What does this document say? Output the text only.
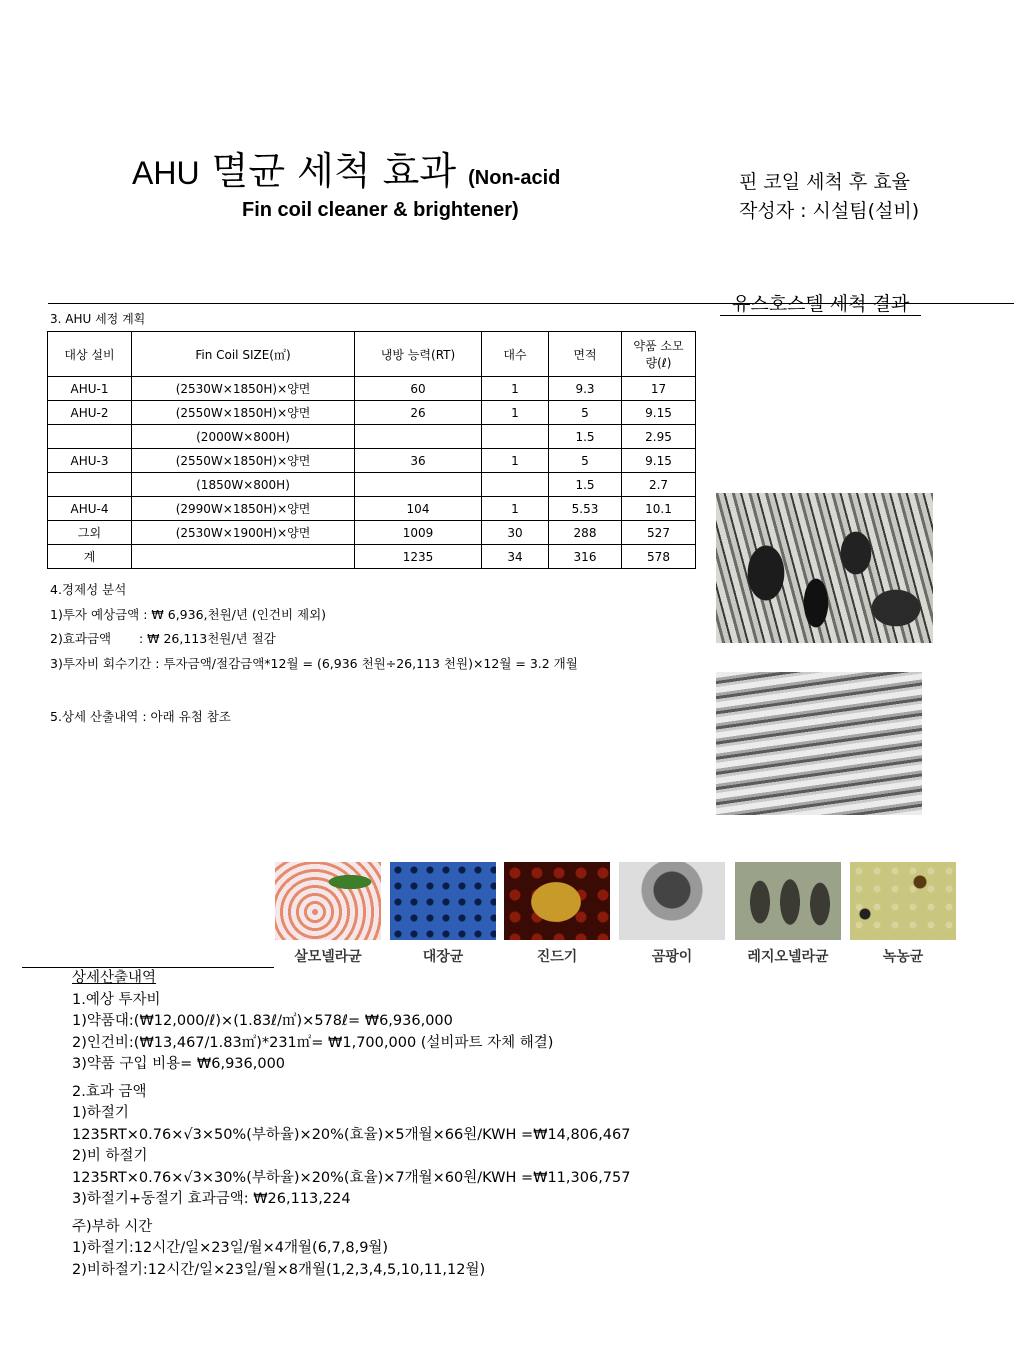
AHU 멸균 세척 효과 (Non-acid
Fin coil cleaner & brightener)
핀 코일 세척 후 효율
작성자 : 시설팀(설비)
유스호스텔 세척 결과
3. AHU 세정 계획
대상 설비	Fin Coil SIZE(㎡)	냉방 능력(RT)	대수	면적	약품 소모량(ℓ)
AHU-1	(2530W×1850H)×양면	60	1	9.3	17
AHU-2	(2550W×1850H)×양면	26	1	5	9.15
	(2000W×800H)			1.5	2.95
AHU-3	(2550W×1850H)×양면	36	1	5	9.15
	(1850W×800H)			1.5	2.7
AHU-4	(2990W×1850H)×양면	104	1	5.53	10.1
그외	(2530W×1900H)×양면	1009	30	288	527
계		1235	34	316	578
4.경제성 분석
1)투자 예상금액 : ₩ 6,936,천원/년 (인건비 제외)
2)효과금액       : ₩ 26,113천원/년 절감
3)투자비 회수기간 : 투자금액/절감금액*12월 = (6,936 천원÷26,113 천원)×12월 = 3.2 개월
5.상세 산출내역 : 아래 유첨 참조
살모넬라균	대장균	진드기	곰팡이	레지오넬라균	녹농균
상세산출내역
1.예상 투자비
1)약품대:(₩12,000/ℓ)×(1.83ℓ/㎡)×578ℓ= ₩6,936,000
2)인건비:(₩13,467/1.83㎡)*231㎡= ₩1,700,000 (설비파트 자체 해결)
3)약품 구입 비용= ₩6,936,000
2.효과 금액
1)하절기
1235RT×0.76×√3×50%(부하율)×20%(효율)×5개월×66원/KWH =₩14,806,467
2)비 하절기
1235RT×0.76×√3×30%(부하율)×20%(효율)×7개월×60원/KWH =₩11,306,757
3)하절기+동절기 효과금액: ₩26,113,224
주)부하 시간
1)하절기:12시간/일×23일/월×4개월(6,7,8,9월)
2)비하절기:12시간/일×23일/월×8개월(1,2,3,4,5,10,11,12월)
